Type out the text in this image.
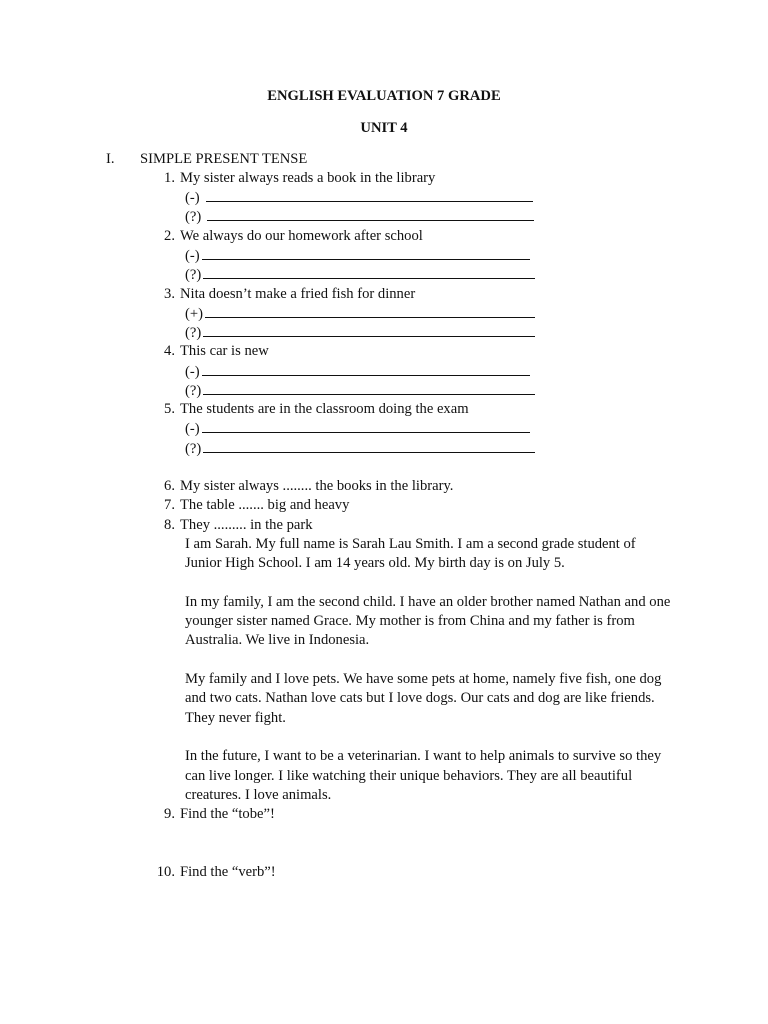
ENGLISH EVALUATION 7 GRADE
UNIT 4
I. SIMPLE PRESENT TENSE
1. My sister always reads a book in the library
(-)
(?)
2. We always do our homework after school
(-)
(?)
3. Nita doesn’t make a fried fish for dinner
(+)
(?)
4. This car is new
(-)
(?)
5. The students are in the classroom doing the exam
(-)
(?)
6. My sister always ........ the books in the library.
7. The table ....... big and heavy
8. They ......... in the park

I am Sarah. My full name is Sarah Lau Smith. I am a second grade student of Junior High School. I am 14 years old. My birth day is on July 5.

In my family, I am the second child. I have an older brother named Nathan and one younger sister named Grace. My mother is from China and my father is from Australia. We live in Indonesia.

My family and I love pets. We have some pets at home, namely five fish, one dog and two cats. Nathan love cats but I love dogs. Our cats and dog are like friends. They never fight.

In the future, I want to be a veterinarian. I want to help animals to survive so they can live longer. I like watching their unique behaviors. They are all beautiful creatures. I love animals.

9. Find the “tobe”!
10. Find the “verb”!
